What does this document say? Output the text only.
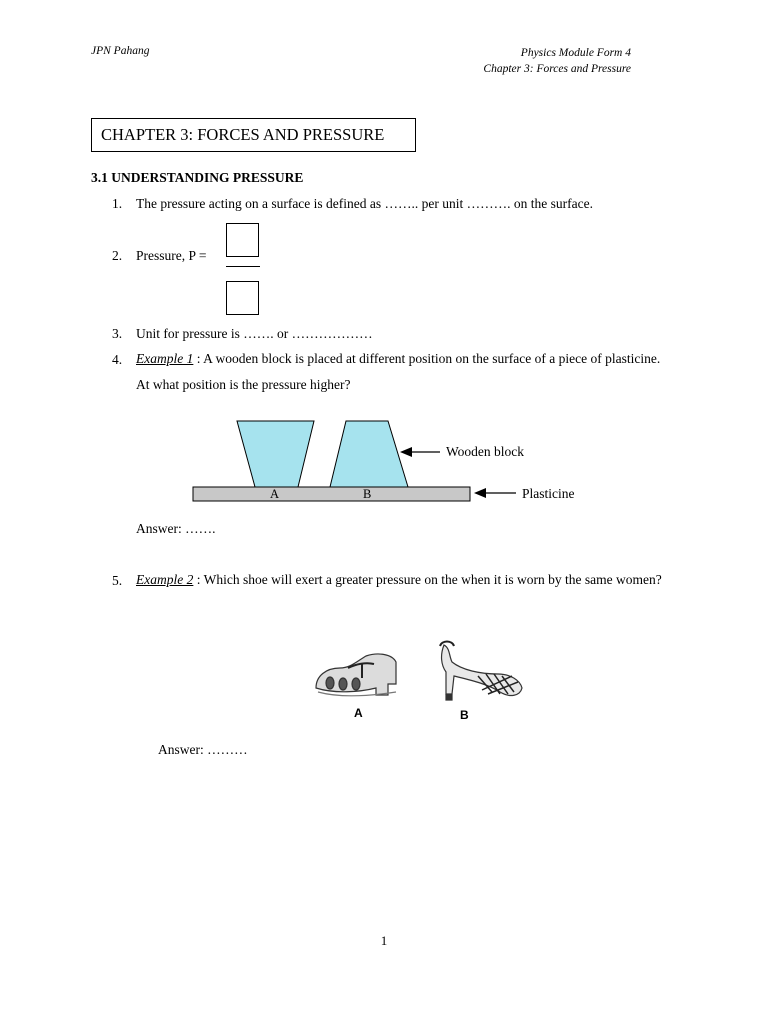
JPN Pahang	Physics Module Form 4
Chapter 3: Forces and Pressure
CHAPTER 3: FORCES AND PRESSURE
3.1 UNDERSTANDING PRESSURE
1. The pressure acting on a surface is defined as …….. per unit ………. on the surface.
2. Pressure, P =
3. Unit for pressure is ……. or ………………
4. Example 1 : A wooden block is placed at different position on the surface of a piece of plasticine. At what position is the pressure higher?
A	B
Wooden block
Plasticine
Answer: …….
5. Example 2 : Which shoe will exert a greater pressure on the when it is worn by the same women?
A	B
Answer: ………
1
